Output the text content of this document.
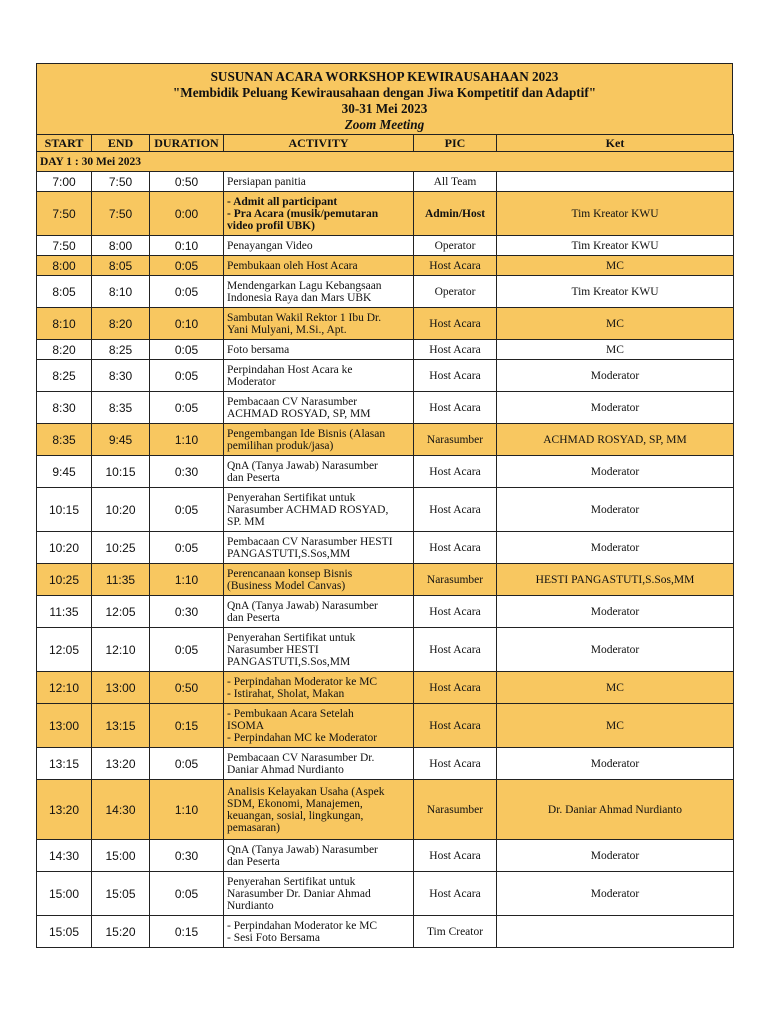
SUSUNAN ACARA WORKSHOP KEWIRAUSAHAAN 2023
"Membidik Peluang Kewirausahaan dengan Jiwa Kompetitif dan Adaptif"
30-31 Mei 2023
Zoom Meeting
START	END	DURATION	ACTIVITY	PIC	Ket
DAY 1 : 30 Mei 2023					
7:00	7:50	0:50	Persiapan panitia	All Team	
7:50	7:50	0:00	- Admit all participant
- Pra Acara (musik/pemutaran
video profil UBK)	Admin/Host	Tim Kreator KWU
7:50	8:00	0:10	Penayangan Video	Operator	Tim Kreator KWU
8:00	8:05	0:05	Pembukaan oleh Host Acara	Host Acara	MC
8:05	8:10	0:05	Mendengarkan Lagu Kebangsaan
Indonesia Raya dan Mars UBK	Operator	Tim Kreator KWU
8:10	8:20	0:10	Sambutan Wakil Rektor 1 Ibu Dr.
Yani Mulyani, M.Si., Apt.	Host Acara	MC
8:20	8:25	0:05	Foto bersama	Host Acara	MC
8:25	8:30	0:05	Perpindahan Host Acara ke
Moderator	Host Acara	Moderator
8:30	8:35	0:05	Pembacaan CV Narasumber
ACHMAD ROSYAD, SP, MM	Host Acara	Moderator
8:35	9:45	1:10	Pengembangan Ide Bisnis (Alasan
pemilihan produk/jasa)	Narasumber	ACHMAD ROSYAD, SP, MM
9:45	10:15	0:30	QnA (Tanya Jawab) Narasumber
dan Peserta	Host Acara	Moderator
10:15	10:20	0:05	Penyerahan Sertifikat untuk
Narasumber ACHMAD ROSYAD,
SP. MM	Host Acara	Moderator
10:20	10:25	0:05	Pembacaan CV Narasumber HESTI
PANGASTUTI,S.Sos,MM	Host Acara	Moderator
10:25	11:35	1:10	Perencanaan konsep Bisnis
(Business Model Canvas)	Narasumber	HESTI PANGASTUTI,S.Sos,MM
11:35	12:05	0:30	QnA (Tanya Jawab) Narasumber
dan Peserta	Host Acara	Moderator
12:05	12:10	0:05	Penyerahan Sertifikat untuk
Narasumber HESTI
PANGASTUTI,S.Sos,MM	Host Acara	Moderator
12:10	13:00	0:50	- Perpindahan Moderator ke MC
- Istirahat, Sholat, Makan	Host Acara	MC
13:00	13:15	0:15	- Pembukaan Acara Setelah
ISOMA
- Perpindahan MC ke Moderator	Host Acara	MC
13:15	13:20	0:05	Pembacaan CV Narasumber Dr.
Daniar Ahmad Nurdianto	Host Acara	Moderator
13:20	14:30	1:10	Analisis Kelayakan Usaha (Aspek
SDM, Ekonomi, Manajemen,
keuangan, sosial, lingkungan,
pemasaran)	Narasumber	Dr. Daniar Ahmad Nurdianto
14:30	15:00	0:30	QnA (Tanya Jawab) Narasumber
dan Peserta	Host Acara	Moderator
15:00	15:05	0:05	Penyerahan Sertifikat untuk
Narasumber Dr. Daniar Ahmad
Nurdianto	Host Acara	Moderator
15:05	15:20	0:15	- Perpindahan Moderator ke MC
- Sesi Foto Bersama	Tim Creator	
